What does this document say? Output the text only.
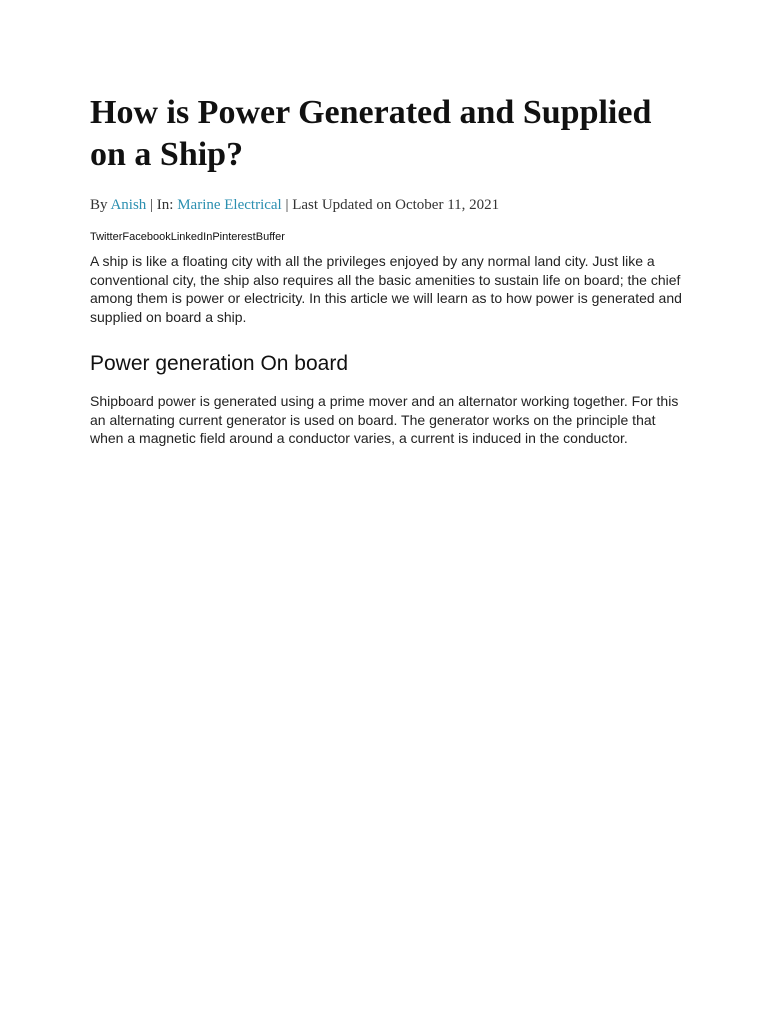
How is Power Generated and Supplied on a Ship?
By Anish | In: Marine Electrical | Last Updated on October 11, 2021
TwitterFacebookLinkedInPinterestBuffer

A ship is like a floating city with all the privileges enjoyed by any normal land city. Just like a conventional city, the ship also requires all the basic amenities to sustain life on board; the chief among them is power or electricity. In this article we will learn as to how power is generated and supplied on board a ship.

Power generation On board

Shipboard power is generated using a prime mover and an alternator working together. For this an alternating current generator is used on board. The generator works on the principle that when a magnetic field around a conductor varies, a current is induced in the conductor.
